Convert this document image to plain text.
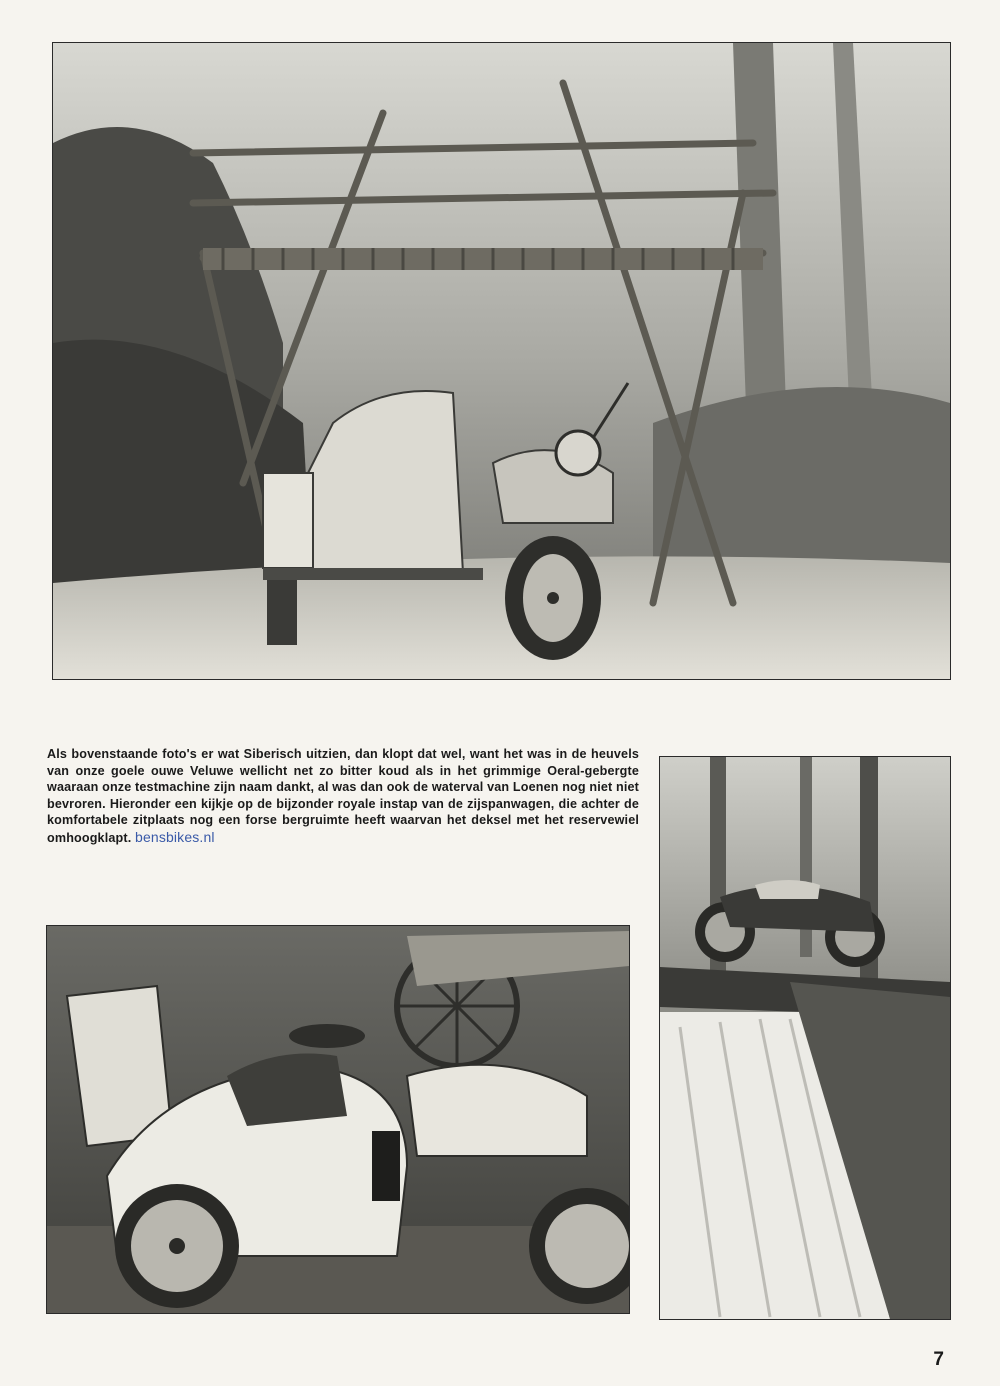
Als bovenstaande foto's er wat Siberisch uitzien, dan klopt dat wel, want het was in de heuvels van onze goele ouwe Veluwe wellicht net zo bitter koud als in het grimmige Oeral-gebergte waaraan onze testmachine zijn naam dankt, al was dan ook de waterval van Loenen nog niet niet bevroren. Hieronder een kijkje op de bijzonder royale instap van de zijspanwagen, die achter de komfortabele zitplaats nog een forse bergruimte heeft waarvan het deksel met het reservewiel omhoogklapt. bensbikes.nl
7
